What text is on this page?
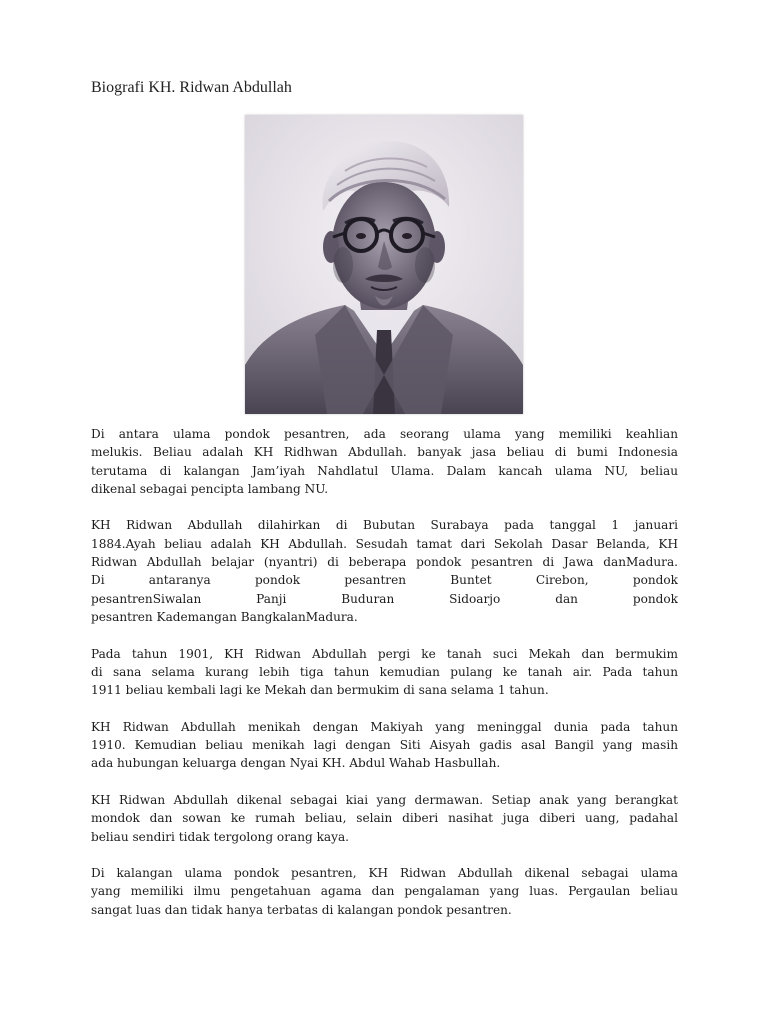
Biografi KH. Ridwan Abdullah

Di antara ulama pondok pesantren, ada seorang ulama yang memiliki keahlian
melukis. Beliau adalah KH Ridhwan Abdullah. banyak jasa beliau di bumi Indonesia
terutama di kalangan Jam’iyah Nahdlatul Ulama. Dalam kancah ulama NU, beliau
dikenal sebagai pencipta lambang NU.

KH Ridwan Abdullah dilahirkan di Bubutan Surabaya pada tanggal 1 januari
1884.Ayah beliau adalah KH Abdullah. Sesudah tamat dari Sekolah Dasar Belanda, KH
Ridwan Abdullah belajar (nyantri) di beberapa pondok pesantren di Jawa danMadura.
Di antaranya pondok pesantren Buntet Cirebon, pondok
pesantrenSiwalan Panji Buduran Sidoarjo dan pondok
pesantren Kademangan BangkalanMadura.

Pada tahun 1901, KH Ridwan Abdullah pergi ke tanah suci Mekah dan bermukim
di sana selama kurang lebih tiga tahun kemudian pulang ke tanah air. Pada tahun
1911 beliau kembali lagi ke Mekah dan bermukim di sana selama 1 tahun.

KH Ridwan Abdullah menikah dengan Makiyah yang meninggal dunia pada tahun
1910. Kemudian beliau menikah lagi dengan Siti Aisyah gadis asal Bangil yang masih
ada hubungan keluarga dengan Nyai KH. Abdul Wahab Hasbullah.

KH Ridwan Abdullah dikenal sebagai kiai yang dermawan. Setiap anak yang berangkat
mondok dan sowan ke rumah beliau, selain diberi nasihat juga diberi uang, padahal
beliau sendiri tidak tergolong orang kaya.

Di kalangan ulama pondok pesantren, KH Ridwan Abdullah dikenal sebagai ulama
yang memiliki ilmu pengetahuan agama dan pengalaman yang luas. Pergaulan beliau
sangat luas dan tidak hanya terbatas di kalangan pondok pesantren.
